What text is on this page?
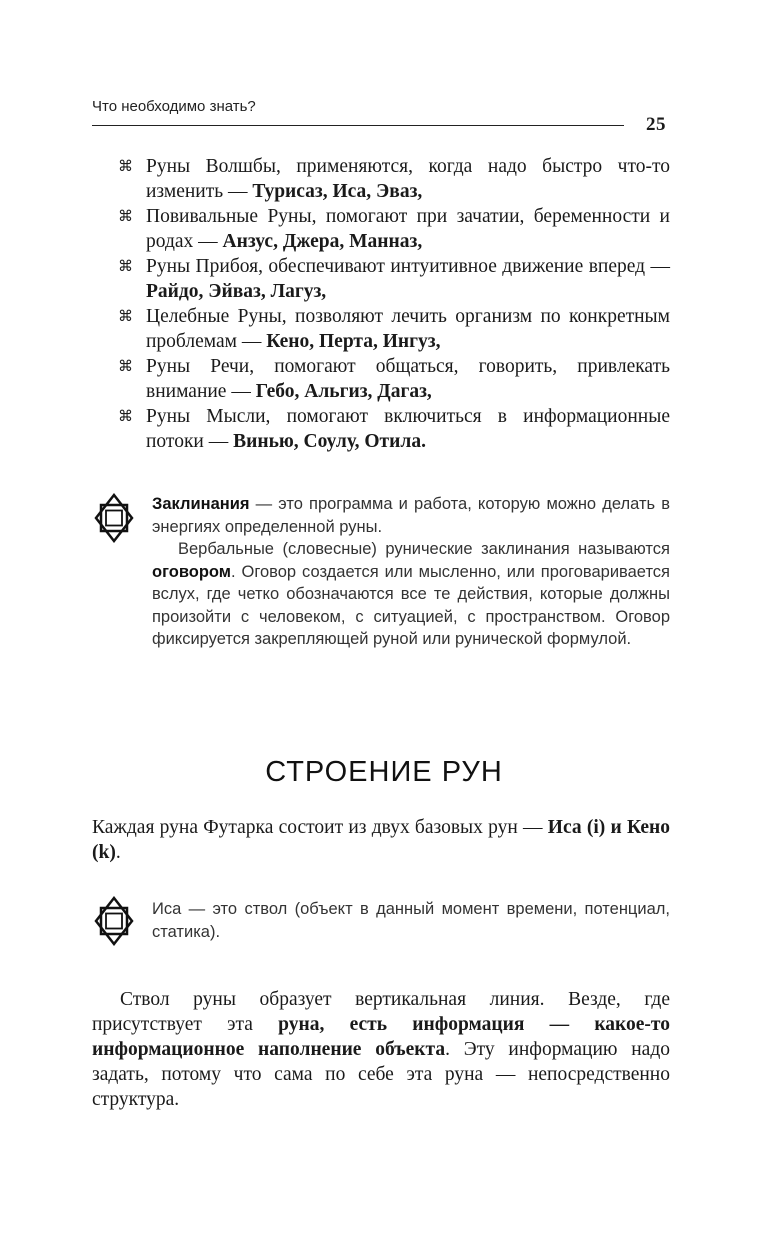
Что необходимо знать?
25
⌘ Руны Волшбы, применяются, когда надо быстро что-то изменить — Турисаз, Иса, Эваз,
⌘ Повивальные Руны, помогают при зачатии, беременности и родах — Анзус, Джера, Манназ,
⌘ Руны Прибоя, обеспечивают интуитивное движение вперед — Райдо, Эйваз, Лагуз,
⌘ Целебные Руны, позволяют лечить организм по конкретным проблемам — Кено, Перта, Ингуз,
⌘ Руны Речи, помогают общаться, говорить, привлекать внимание — Гебо, Альгиз, Дагаз,
⌘ Руны Мысли, помогают включиться в информационные потоки — Винью, Соулу, Отила.

Заклинания — это программа и работа, которую можно делать в энергиях определенной руны.

Вербальные (словесные) рунические заклинания называются оговором. Оговор создается или мысленно, или проговаривается вслух, где четко обозначаются все те действия, которые должны произойти с человеком, с ситуацией, с пространством. Оговор фиксируется закрепляющей руной или рунической формулой.

СТРОЕНИЕ РУН

Каждая руна Футарка состоит из двух базовых рун — Иса (i) и Кено (k).

Иса — это ствол (объект в данный момент времени, потенциал, статика).

Ствол руны образует вертикальная линия. Везде, где присутствует эта руна, есть информация — какое-то информационное наполнение объекта. Эту информацию надо задать, потому что сама по себе эта руна — непосредственно структура.
